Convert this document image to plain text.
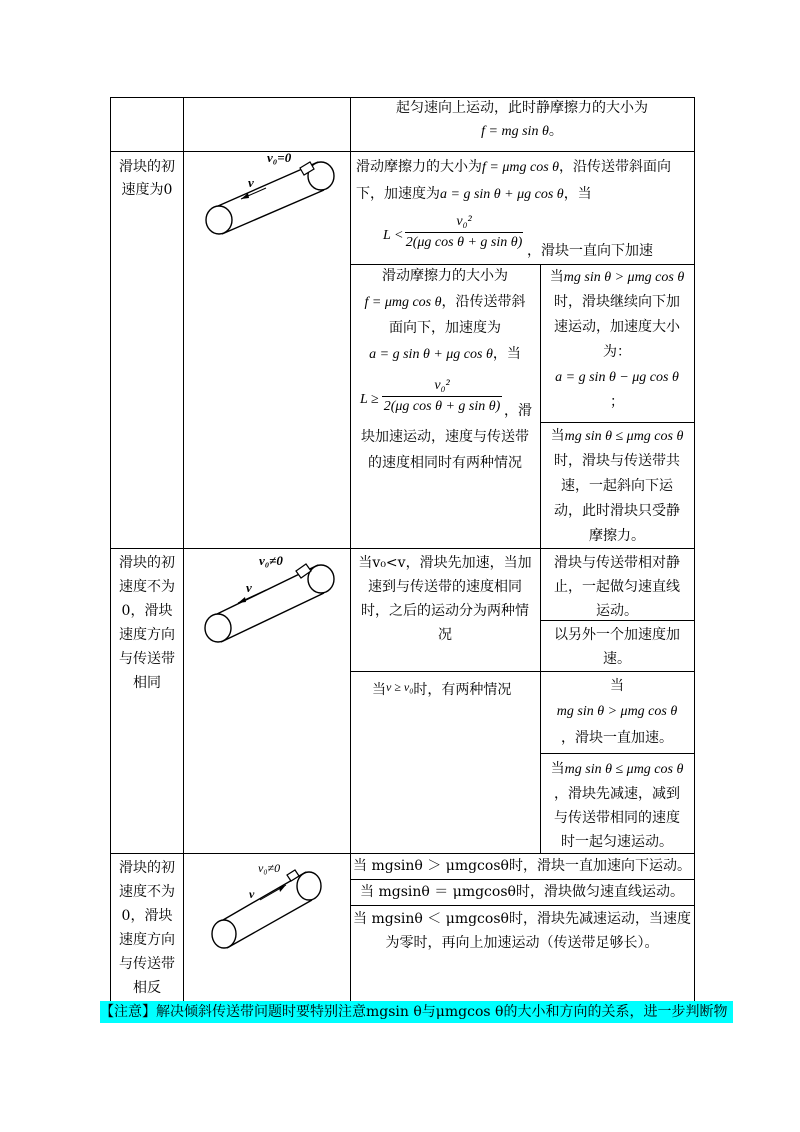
起匀速向上运动，此时静摩擦力的大小为
f = mg sin θ。
滑块的初
速度为0
v₀=0
v
滑动摩擦力的大小为f = μmg cos θ，沿传送带斜面向
下，加速度为a = g sin θ + μg cos θ，当
L <
v₀²
2(μg cos θ + g sin θ)
，滑块一直向下加速
滑动摩擦力的大小为
f = μmg cos θ，沿传送带斜
面向下，加速度为
a = g sin θ + μg cos θ，当
L ≥
v₀²
2(μg cos θ + g sin θ) ，滑
块加速运动，速度与传送带
的速度相同时有两种情况
当mg sin θ > μmg cos θ
时，滑块继续向下加
速运动，加速度大小
为：
a = g sin θ − μg cos θ
；
当mg sin θ ≤ μmg cos θ
时，滑块与传送带共
速，一起斜向下运
动，此时滑块只受静
摩擦力。
滑块的初
速度不为
0，滑块
速度方向
与传送带
相同
v₀≠0
v
当v₀<v，滑块先加速，当加
速到与传送带的速度相同
时，之后的运动分为两种情
况
滑块与传送带相对静
止，一起做匀速直线
运动。
以另外一个加速度加
速。
当v ≥ v₀时，有两种情况	当
mg sin θ > μmg cos θ
，滑块一直加速。
当mg sin θ ≤ μmg cos θ
，滑块先减速，减到
与传送带相同的速度
时一起匀速运动。
滑块的初
速度不为
0，滑块
速度方向
与传送带
相反
v₀≠0
v
当 mgsinθ ＞ μmgcosθ时，滑块一直加速向下运动。
当 mgsinθ ＝ μmgcosθ时，滑块做匀速直线运动。
当 mgsinθ ＜ μmgcosθ时，滑块先减速运动，当速度
为零时，再向上加速运动（传送带足够长）。
【注意】解决倾斜传送带问题时要特别注意mgsin θ与μmgcos θ的大小和方向的关系，进一步判断物
